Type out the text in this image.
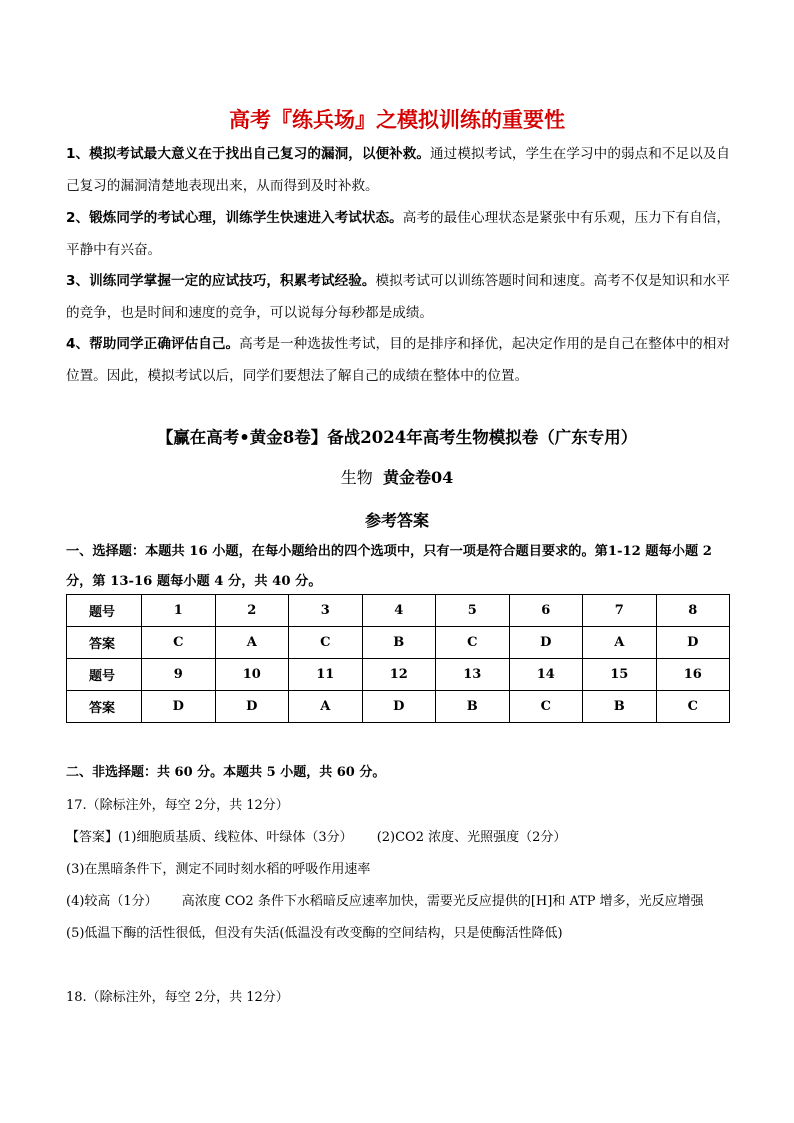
高考『练兵场』之模拟训练的重要性
1、模拟考试最大意义在于找出自己复习的漏洞，以便补救。通过模拟考试，学生在学习中的弱点和不足以及自己复习的漏洞清楚地表现出来，从而得到及时补救。
2、锻炼同学的考试心理，训练学生快速进入考试状态。高考的最佳心理状态是紧张中有乐观，压力下有自信，平静中有兴奋。
3、训练同学掌握一定的应试技巧，积累考试经验。模拟考试可以训练答题时间和速度。高考不仅是知识和水平的竞争，也是时间和速度的竞争，可以说每分每秒都是成绩。
4、帮助同学正确评估自己。高考是一种选拔性考试，目的是排序和择优，起决定作用的是自己在整体中的相对位置。因此，模拟考试以后，同学们要想法了解自己的成绩在整体中的位置。
【赢在高考•黄金8卷】备战2024年高考生物模拟卷（广东专用）
生物 黄金卷04
参考答案
一、选择题：本题共 16 小题，在每小题给出的四个选项中，只有一项是符合题目要求的。第1-12 题每小题 2 分，第 13-16 题每小题 4 分，共 40 分。
题号	1	2	3	4	5	6	7	8
答案	C	A	C	B	C	D	A	D
题号	9	10	11	12	13	14	15	16
答案	D	D	A	D	B	C	B	C
二、非选择题：共 60 分。本题共 5 小题，共 60 分。
17.（除标注外，每空 2分，共 12分）
【答案】(1)细胞质基质、线粒体、叶绿体（3分） (2)CO2 浓度、光照强度（2分）
(3)在黑暗条件下，测定不同时刻水稻的呼吸作用速率
(4)较高（1分） 高浓度 CO2 条件下水稻暗反应速率加快，需要光反应提供的[H]和 ATP 增多，光反应增强
(5)低温下酶的活性很低，但没有失活(低温没有改变酶的空间结构，只是使酶活性降低)
18.（除标注外，每空 2分，共 12分）
